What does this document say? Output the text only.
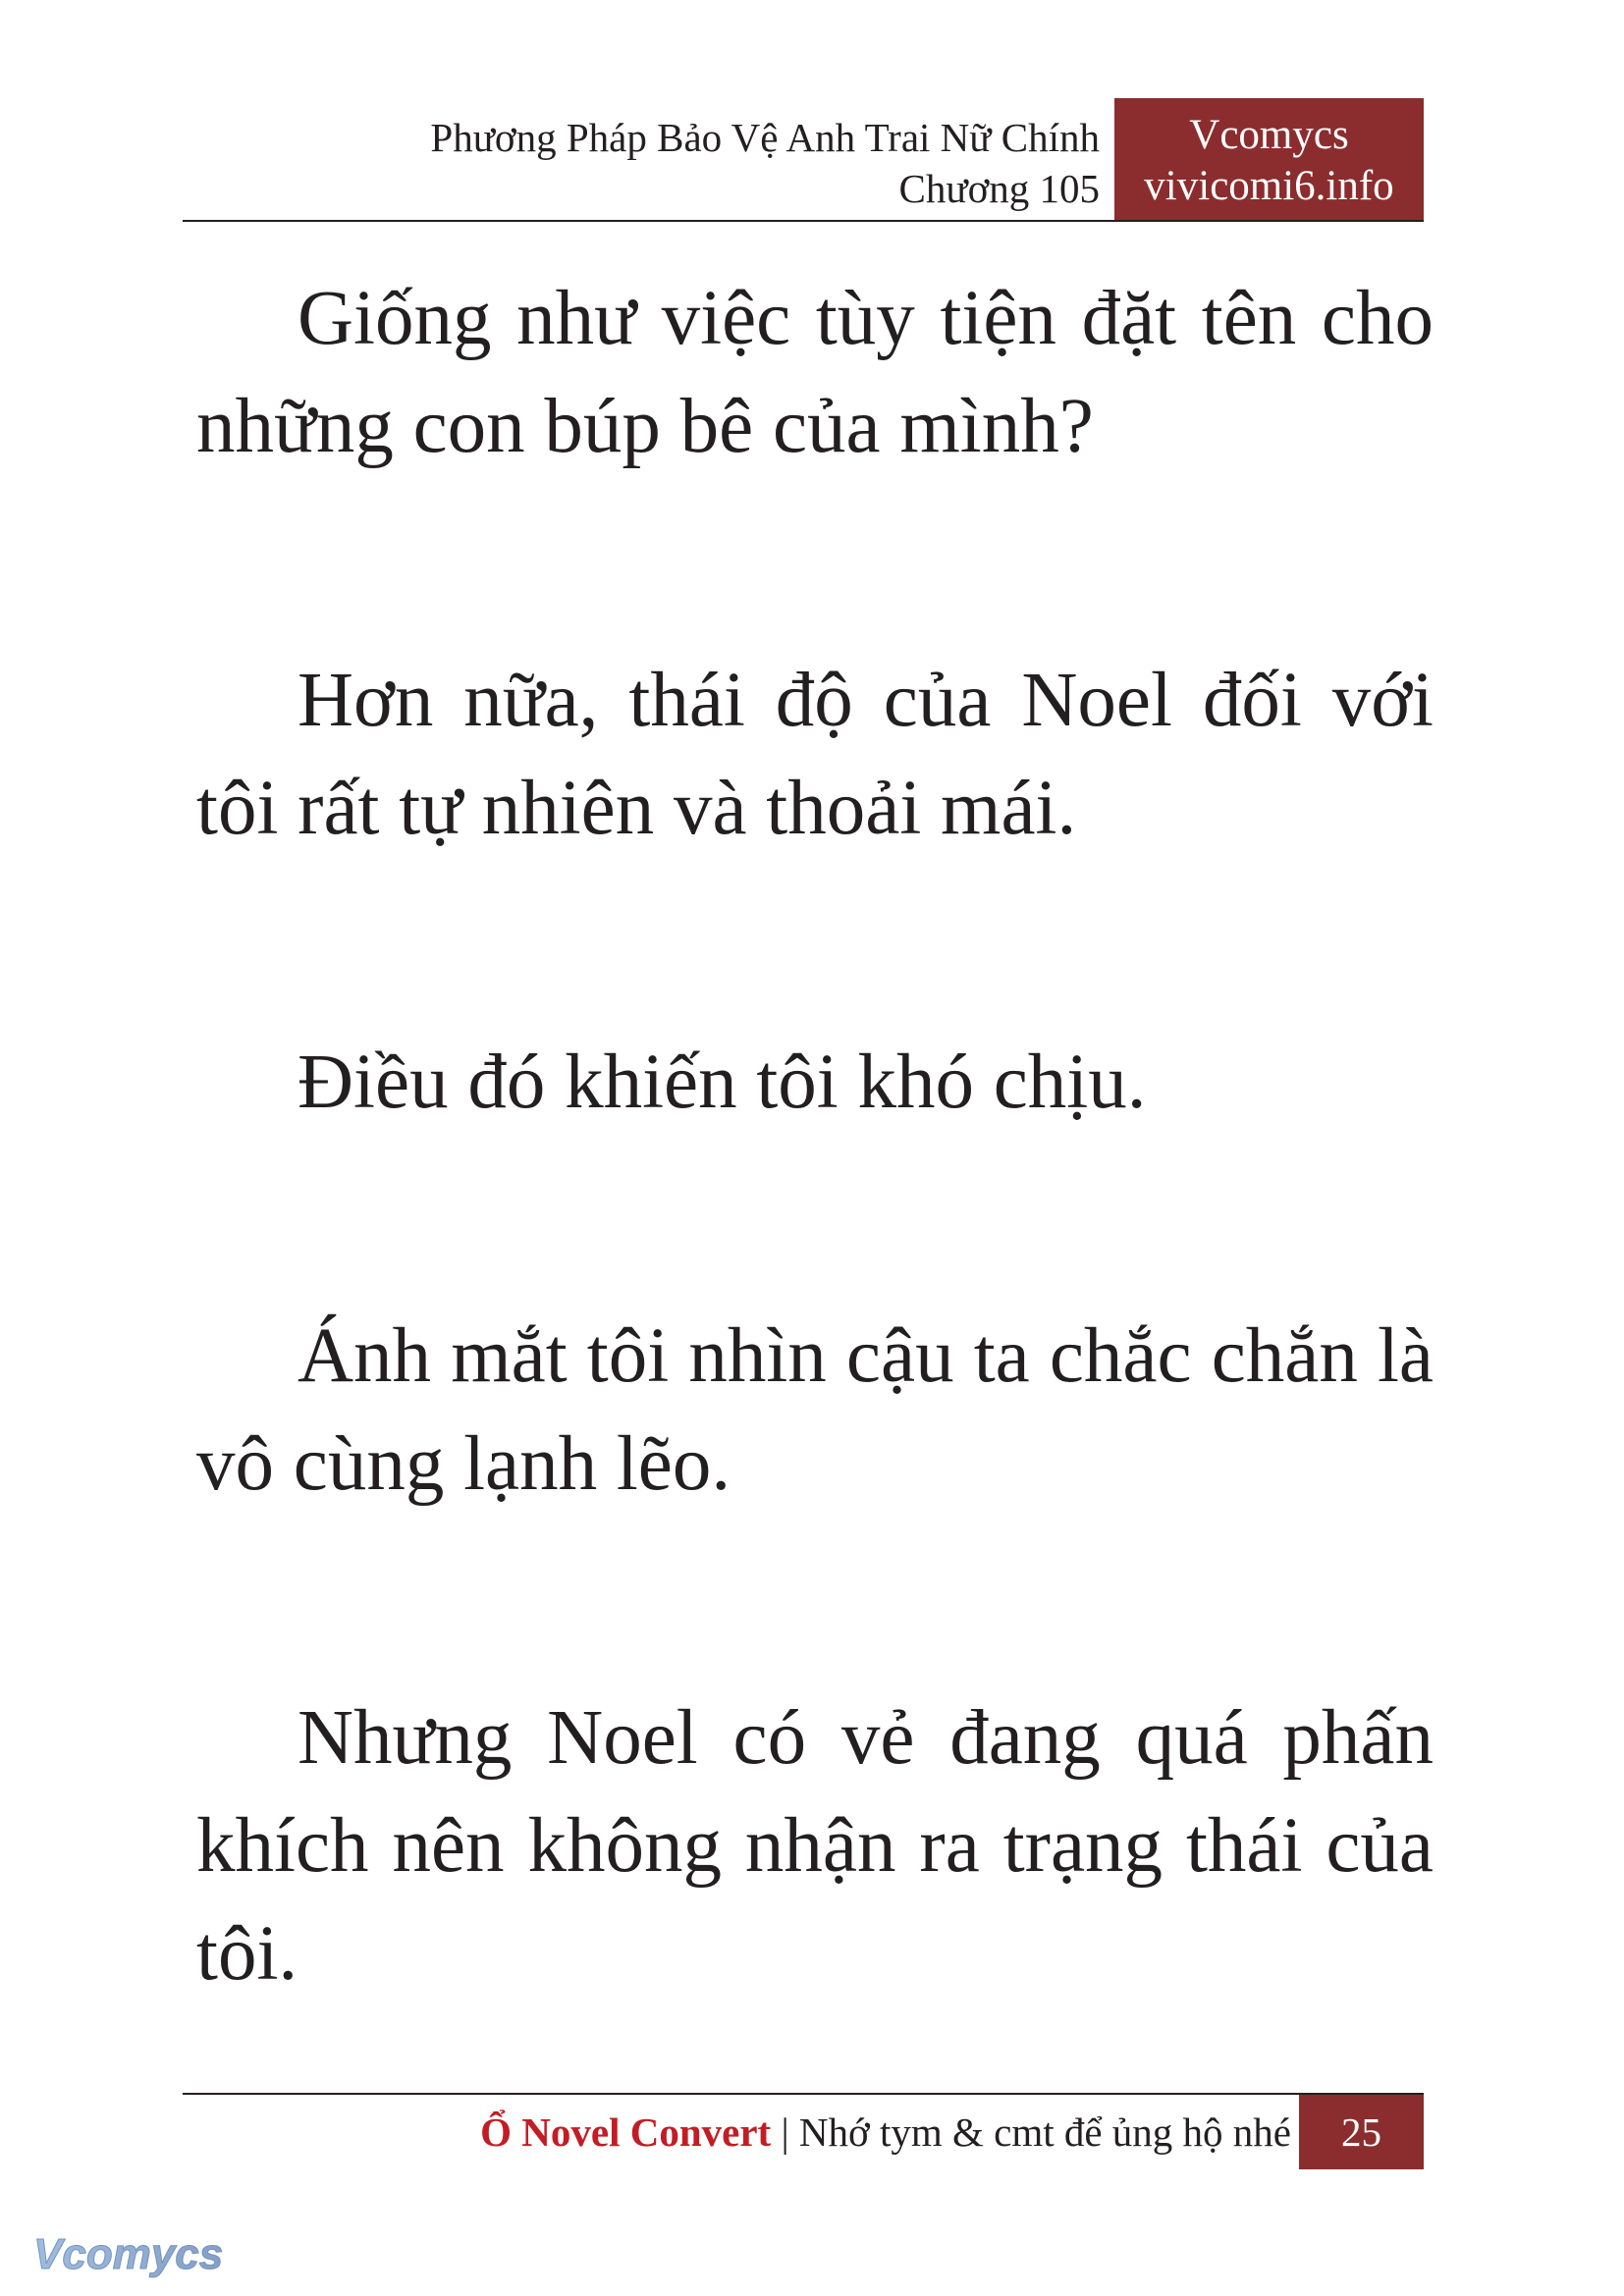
Phương Pháp Bảo Vệ Anh Trai Nữ Chính
Chương 105
Vcomycs
vivicomi6.info

Giống như việc tùy tiện đặt tên cho những con búp bê của mình?

Hơn nữa, thái độ của Noel đối với tôi rất tự nhiên và thoải mái.

Điều đó khiến tôi khó chịu.

Ánh mắt tôi nhìn cậu ta chắc chắn là vô cùng lạnh lẽo.

Nhưng Noel có vẻ đang quá phấn khích nên không nhận ra trạng thái của tôi.

Ổ Novel Convert | Nhớ tym & cmt để ủng hộ nhé	25
Vcomycs
